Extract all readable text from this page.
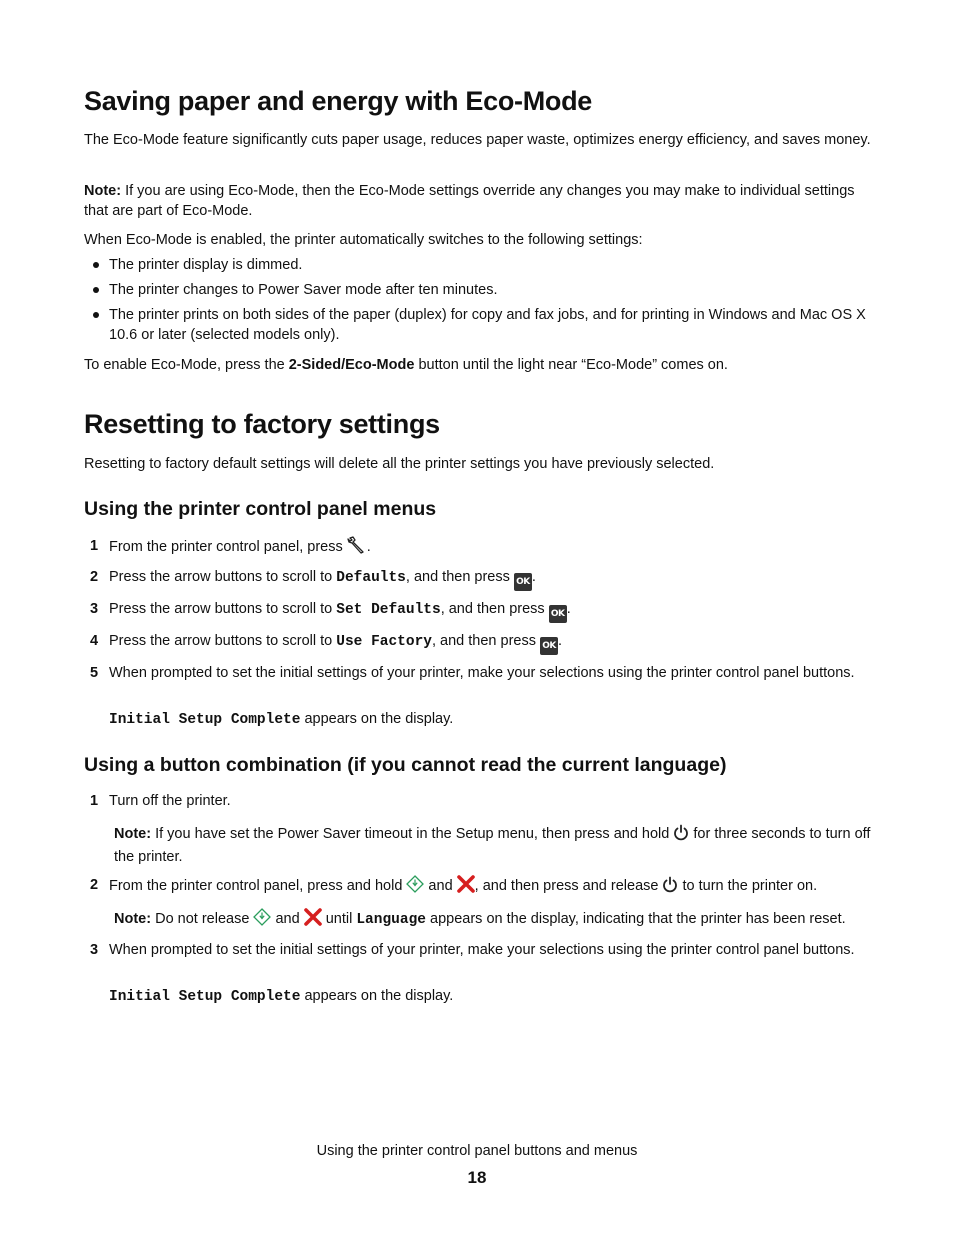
Saving paper and energy with Eco-Mode

The Eco-Mode feature significantly cuts paper usage, reduces paper waste, optimizes energy efficiency, and saves money.

Note: If you are using Eco-Mode, then the Eco-Mode settings override any changes you may make to individual settings that are part of Eco-Mode.

When Eco-Mode is enabled, the printer automatically switches to the following settings:

The printer display is dimmed.
The printer changes to Power Saver mode after ten minutes.
The printer prints on both sides of the paper (duplex) for copy and fax jobs, and for printing in Windows and Mac OS X 10.6 or later (selected models only).

To enable Eco-Mode, press the 2-Sided/Eco-Mode button until the light near “Eco-Mode” comes on.

Resetting to factory settings

Resetting to factory default settings will delete all the printer settings you have previously selected.

Using the printer control panel menus
1 From the printer control panel, press .
2 Press the arrow buttons to scroll to Defaults, and then press OK .
3 Press the arrow buttons to scroll to Set Defaults, and then press OK .
4 Press the arrow buttons to scroll to Use Factory, and then press OK .
5 When prompted to set the initial settings of your printer, make your selections using the printer control panel buttons.

Initial Setup Complete appears on the display.

Using a button combination (if you cannot read the current language)
1 Turn off the printer.

Note: If you have set the Power Saver timeout in the Setup menu, then press and hold  for three seconds to turn off the printer.

2 From the printer control panel, press and hold  and , and then press and release  to turn the printer on.

Note: Do not release  and  until Language appears on the display, indicating that the printer has been reset.

3 When prompted to set the initial settings of your printer, make your selections using the printer control panel buttons.

Initial Setup Complete appears on the display.

Using the printer control panel buttons and menus
18
